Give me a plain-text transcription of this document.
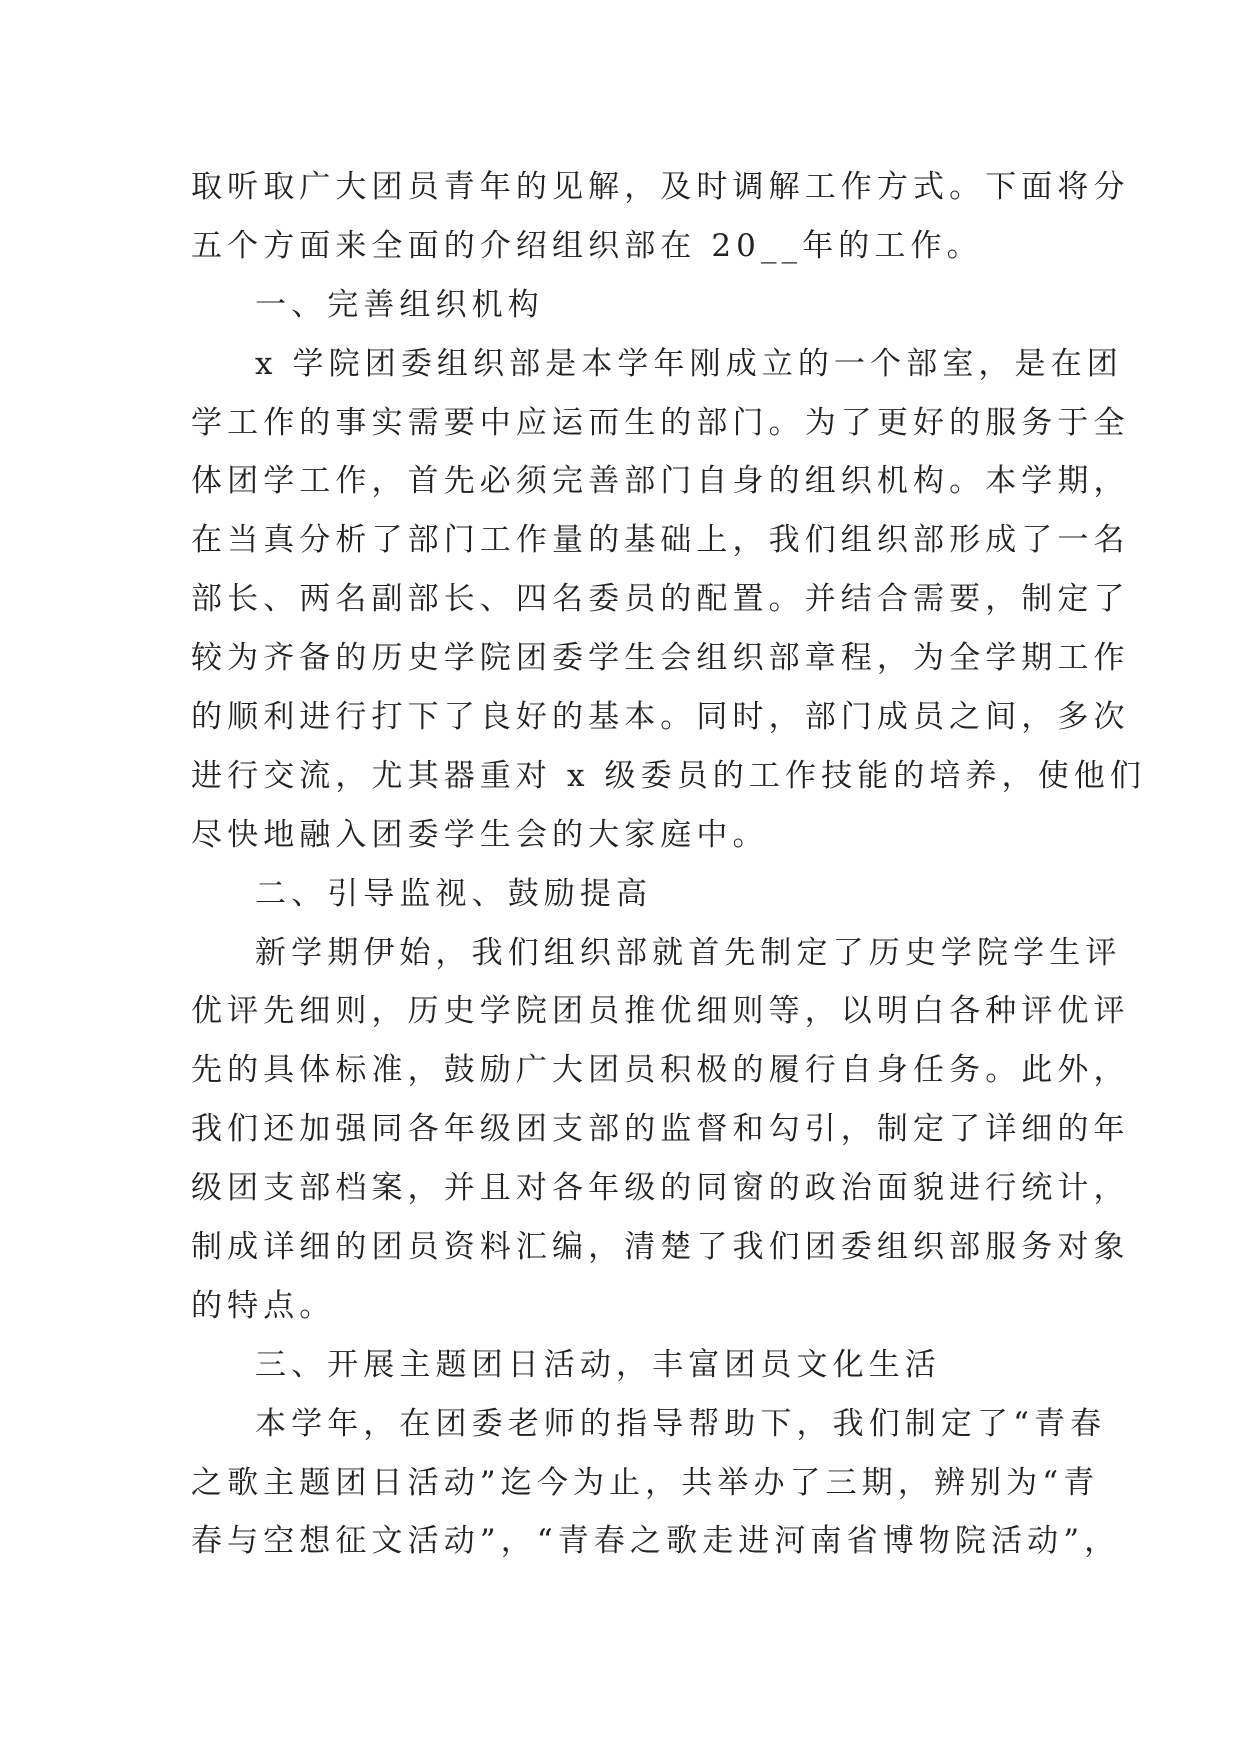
取听取广大团员青年的见解，及时调解工作方式。下面将分
五个方面来全面的介绍组织部在 20__年的工作。
一、完善组织机构
x 学院团委组织部是本学年刚成立的一个部室，是在团
学工作的事实需要中应运而生的部门。为了更好的服务于全
体团学工作，首先必须完善部门自身的组织机构。本学期，
在当真分析了部门工作量的基础上，我们组织部形成了一名
部长、两名副部长、四名委员的配置。并结合需要，制定了
较为齐备的历史学院团委学生会组织部章程，为全学期工作
的顺利进行打下了良好的基本。同时，部门成员之间，多次
进行交流，尤其器重对 x 级委员的工作技能的培养，使他们
尽快地融入团委学生会的大家庭中。
二、引导监视、鼓励提高
新学期伊始，我们组织部就首先制定了历史学院学生评
优评先细则，历史学院团员推优细则等，以明白各种评优评
先的具体标准，鼓励广大团员积极的履行自身任务。此外，
我们还加强同各年级团支部的监督和勾引，制定了详细的年
级团支部档案，并且对各年级的同窗的政治面貌进行统计，
制成详细的团员资料汇编，清楚了我们团委组织部服务对象
的特点。
三、开展主题团日活动，丰富团员文化生活
本学年，在团委老师的指导帮助下，我们制定了“青春
之歌主题团日活动”迄今为止，共举办了三期，辨别为“青
春与空想征文活动”，“青春之歌走进河南省博物院活动”，
